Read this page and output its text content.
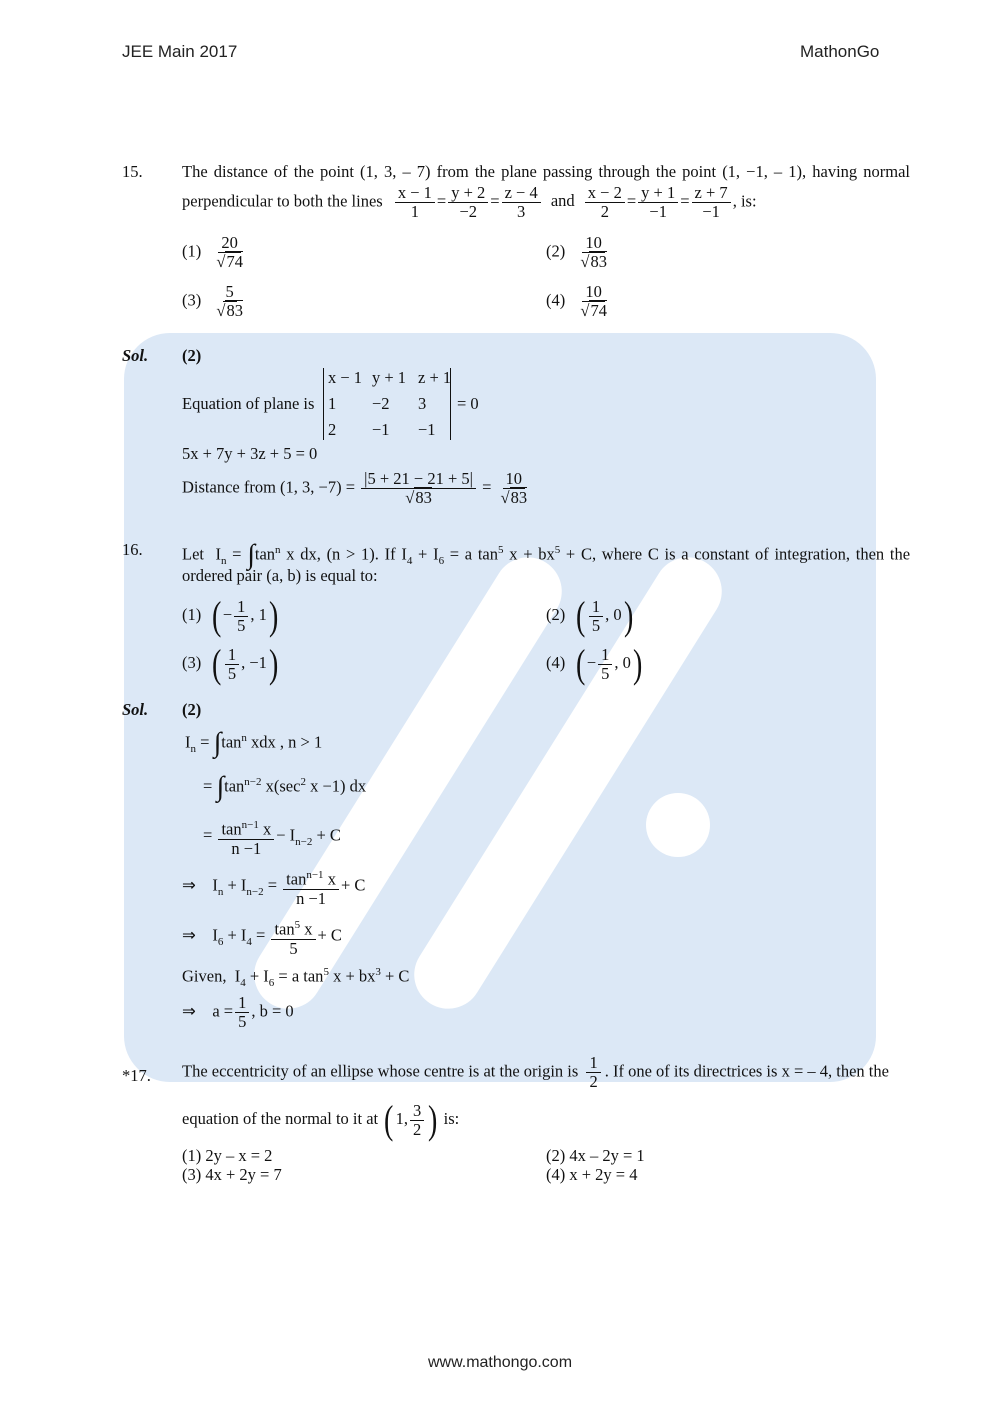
JEE Main 2017	MathonGo
15. The distance of the point (1, 3, – 7) from the plane passing through the point (1, −1, – 1), having normal
perpendicular to both the lines $\frac{x - 1}{1} = \frac{y + 2}{-2} = \frac{z - 4}{3}$ and $\frac{x - 2}{2} = \frac{y + 1}{-1} = \frac{z + 7}{-1}$ , is:
$(1) \frac{20}{√74}$	$(2) \frac{10}{√83}$
$(3) \frac{5}{√83}$	$(4) \frac{10}{√74}$
Sol. (2)
Equation of plane is
x − 1 y + 1 z + 1
1 −2 3
2 −1 −1
= 0
5x + 7y + 3z + 5 = 0
Distance from (1, 3, $-7) = \frac{|5 + 21 - 21 + 5|}{√83} = \frac{10}{√83}$
16. Let $I_n = \int\tan^n$ x dx, (n > 1). If $I_4 + I_6 = a$ $\tan^5 x + bx^5 + C$, where C is a constant of integration, then the
ordered pair (a, b) is equal to:
(1) ( − $\frac{1}{5}$ , 1)	(2) ( $\frac{1}{5}$ , 0)
(3) ( $\frac{1}{5}$ , −1)	(4) ( − $\frac{1}{5}$ , 0)
Sol. (2)
$I_n = \int\tan^n$ xdx , n > 1
= $\int\tan^{n-2}$ $x(\sec^2$ x −1) dx
= $\frac{\tan^{n-1} x}{n -1} - I_{n-2} + C$
⇒ $I_n + I_{n-2} = \frac{\tan^{n-1} x}{n -1} + C$
⇒ $I_6 + I_4 = \frac{\tan^5 x}{5} + C$
Given, $I_4 + I_6 = a$ $\tan^5 x + bx^3 + C$
⇒ $a = \frac{1}{5}$ , b = 0
*17. The eccentricity of an ellipse whose centre is at the origin is $\frac{1}{2}$ . If one of its directrices is x = – 4, then the
equation of the normal to it at ( 1, $\frac{3}{2}$ ) is:
(1) 2y – x = 2	(2) 4x – 2y = 1
(3) 4x + 2y = 7	(4) x + 2y = 4
www.mathongo.com
